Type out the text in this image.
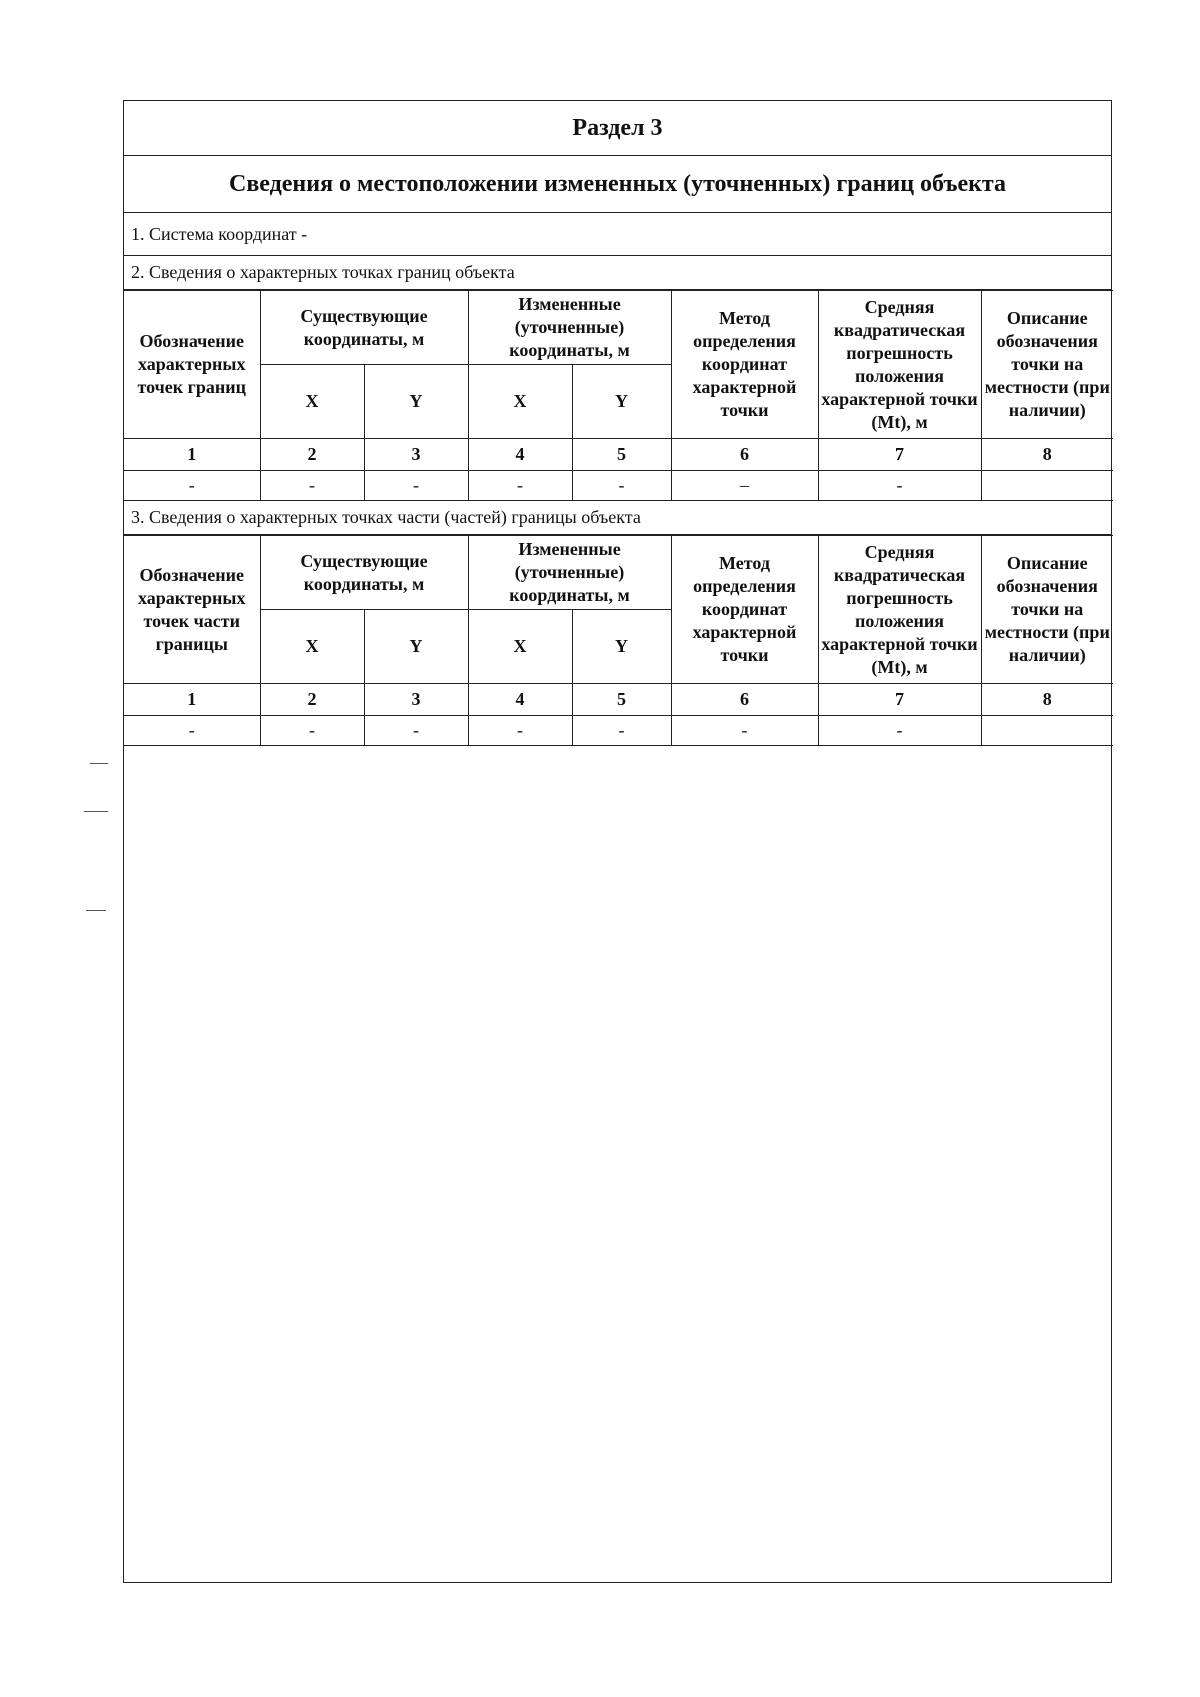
Раздел 3
Сведения о местоположении измененных (уточненных) границ объекта
1. Система координат -
2. Сведения о характерных точках границ объекта
Обозначение характерных точек границ	Существующие координаты, м		Измененные (уточненные) координаты, м		Метод определения координат характерной точки	Средняя квадратическая погрешность положения характерной точки (Mt), м	Описание обозначения точки на местности (при наличии)
	X	Y	X	Y			
1	2	3	4	5	6	7	8
-	-	-	-	-	–	-	
3. Сведения о характерных точках части (частей) границы объекта
Обозначение характерных точек части границы	Существующие координаты, м		Измененные (уточненные) координаты, м		Метод определения координат характерной точки	Средняя квадратическая погрешность положения характерной точки (Mt), м	Описание обозначения точки на местности (при наличии)
	X	Y	X	Y			
1	2	3	4	5	6	7	8
-	-	-	-	-	-	-	
